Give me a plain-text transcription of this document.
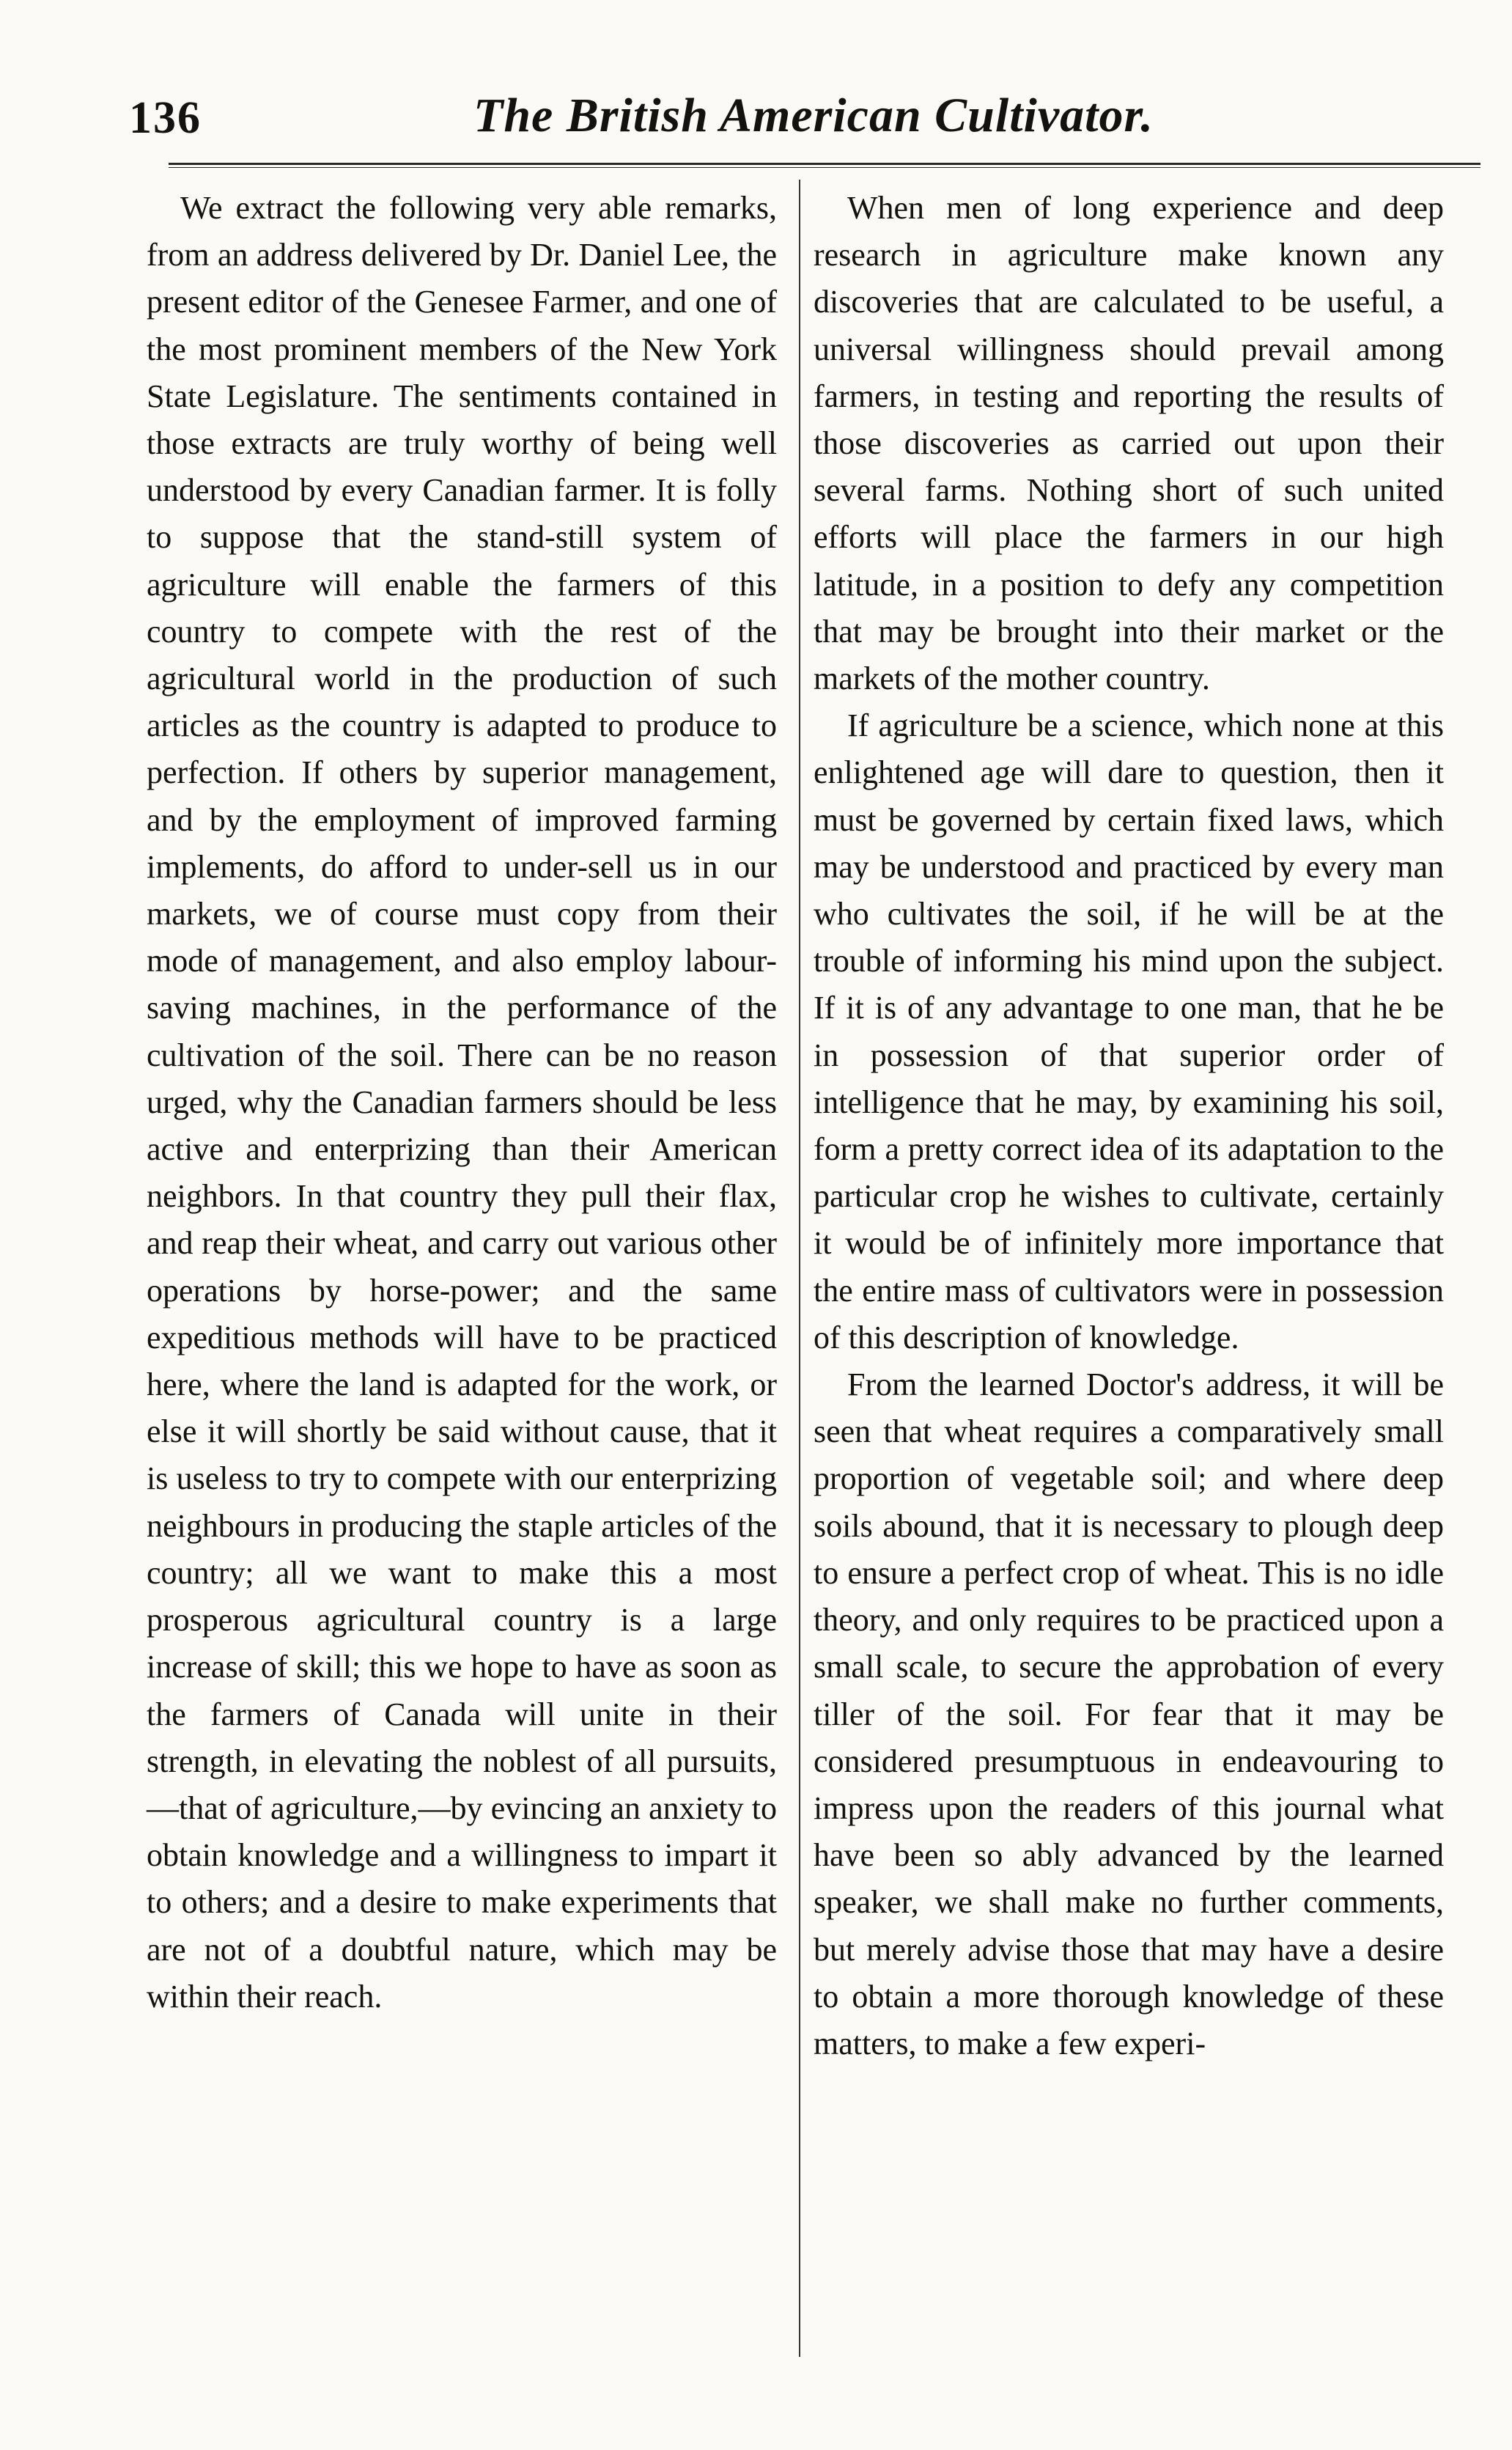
136	The British American Cultivator.

We extract the following very able remarks, from an address delivered by Dr. Daniel Lee, the present editor of the Genesee Farmer, and one of the most prominent members of the New York State Legislature. The sentiments contained in those extracts are truly worthy of being well understood by every Canadian farmer. It is folly to suppose that the stand-still system of agriculture will enable the farmers of this country to compete with the rest of the agricultural world in the production of such articles as the country is adapted to produce to perfection. If others by superior management, and by the employment of improved farming implements, do afford to under-sell us in our markets, we of course must copy from their mode of management, and also employ labour-saving machines, in the performance of the cultivation of the soil. There can be no reason urged, why the Canadian farmers should be less active and enterprizing than their American neighbors. In that country they pull their flax, and reap their wheat, and carry out various other operations by horse-power; and the same expeditious methods will have to be practiced here, where the land is adapted for the work, or else it will shortly be said without cause, that it is useless to try to compete with our enterprizing neighbours in producing the staple articles of the country; all we want to make this a most prosperous agricultural country is a large increase of skill; this we hope to have as soon as the farmers of Canada will unite in their strength, in elevating the noblest of all pursuits,—that of agriculture,—by evincing an anxiety to obtain knowledge and a willingness to impart it to others; and a desire to make experiments that are not of a doubtful nature, which may be within their reach.

When men of long experience and deep research in agriculture make known any discoveries that are calculated to be useful, a universal willingness should prevail among farmers, in testing and reporting the results of those discoveries as carried out upon their several farms. Nothing short of such united efforts will place the farmers in our high latitude, in a position to defy any competition that may be brought into their market or the markets of the mother country.

If agriculture be a science, which none at this enlightened age will dare to question, then it must be governed by certain fixed laws, which may be understood and practiced by every man who cultivates the soil, if he will be at the trouble of informing his mind upon the subject. If it is of any advantage to one man, that he be in possession of that superior order of intelligence that he may, by examining his soil, form a pretty correct idea of its adaptation to the particular crop he wishes to cultivate, certainly it would be of infinitely more importance that the entire mass of cultivators were in possession of this description of knowledge.

From the learned Doctor's address, it will be seen that wheat requires a comparatively small proportion of vegetable soil; and where deep soils abound, that it is necessary to plough deep to ensure a perfect crop of wheat. This is no idle theory, and only requires to be practiced upon a small scale, to secure the approbation of every tiller of the soil. For fear that it may be considered presumptuous in endeavouring to impress upon the readers of this journal what have been so ably advanced by the learned speaker, we shall make no further comments, but merely advise those that may have a desire to obtain a more thorough knowledge of these matters, to make a few experi-
